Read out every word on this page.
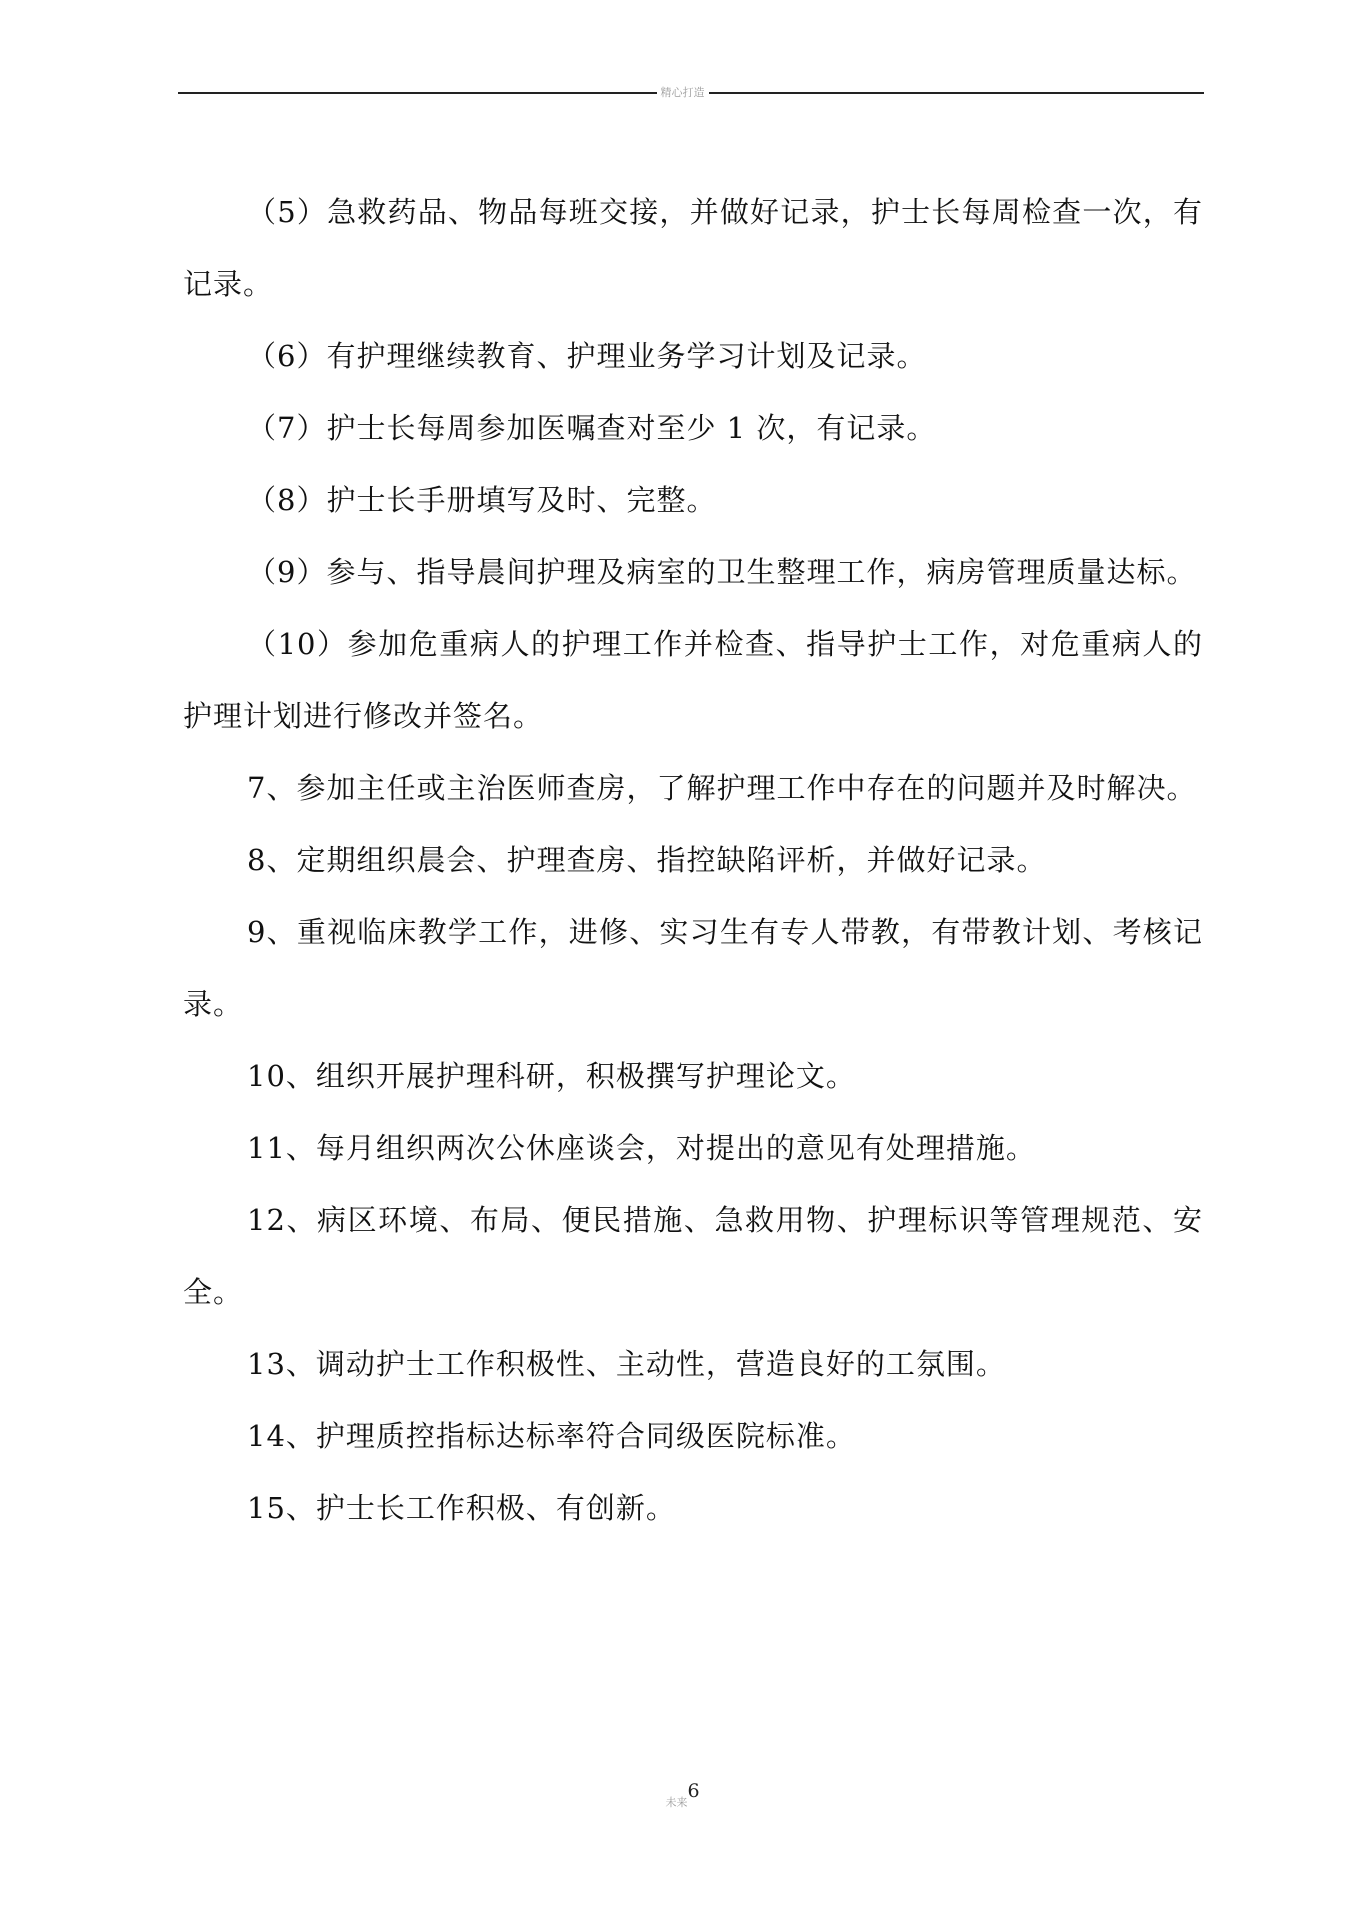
精心打造

（5）急救药品、物品每班交接，并做好记录，护士长每周检查一次，有记录。

（6）有护理继续教育、护理业务学习计划及记录。

（7）护士长每周参加医嘱查对至少 1 次，有记录。

（8）护士长手册填写及时、完整。

（9）参与、指导晨间护理及病室的卫生整理工作，病房管理质量达标。

（10）参加危重病人的护理工作并检查、指导护士工作，对危重病人的护理计划进行修改并签名。

7、参加主任或主治医师查房，了解护理工作中存在的问题并及时解决。

8、定期组织晨会、护理查房、指控缺陷评析，并做好记录。

9、重视临床教学工作，进修、实习生有专人带教，有带教计划、考核记录。

10、组织开展护理科研，积极撰写护理论文。

11、每月组织两次公休座谈会，对提出的意见有处理措施。

12、病区环境、布局、便民措施、急救用物、护理标识等管理规范、安全。

13、调动护士工作积极性、主动性，营造良好的工氛围。

14、护理质控指标达标率符合同级医院标准。

15、护士长工作积极、有创新。

未来6
